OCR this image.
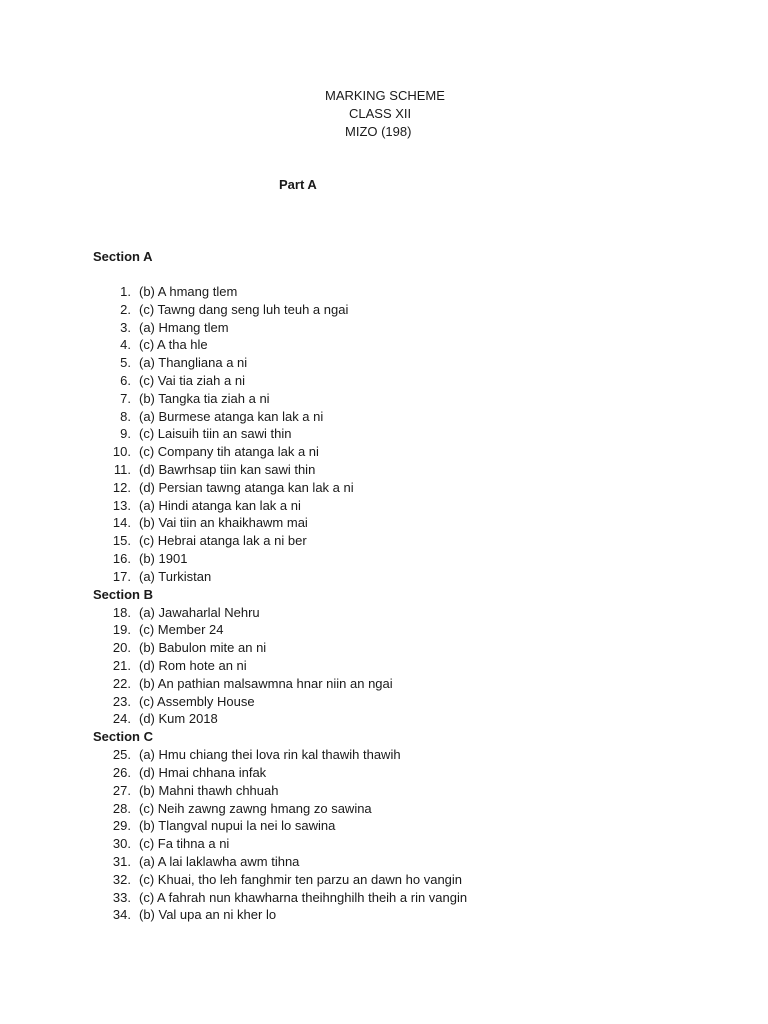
MARKING SCHEME
CLASS XII
MIZO (198)
Part A
Section A
1. (b) A hmang tlem
2. (c) Tawng dang seng luh teuh a ngai
3. (a) Hmang tlem
4. (c) A tha hle
5. (a) Thangliana a ni
6. (c) Vai tia ziah a ni
7. (b) Tangka tia ziah a ni
8. (a) Burmese atanga kan lak a ni
9. (c) Laisuih tiin an sawi thin
10. (c) Company tih atanga lak a ni
11. (d) Bawrhsap tiin kan sawi thin
12. (d) Persian tawng atanga kan lak a ni
13. (a) Hindi atanga kan lak a ni
14. (b) Vai tiin an khaikhawm mai
15. (c) Hebrai atanga lak a ni ber
16. (b) 1901
17. (a) Turkistan
Section B
18. (a) Jawaharlal Nehru
19. (c) Member 24
20. (b) Babulon mite an ni
21. (d) Rom hote an ni
22. (b) An pathian malsawmna hnar niin an ngai
23. (c) Assembly House
24. (d) Kum 2018
Section C
25. (a) Hmu chiang thei lova rin kal thawih thawih
26. (d) Hmai chhana infak
27. (b) Mahni thawh chhuah
28. (c) Neih zawng zawng hmang zo sawina
29. (b) Tlangval nupui la nei lo sawina
30. (c) Fa tihna a ni
31. (a) A lai laklawha awm tihna
32. (c) Khuai, tho leh fanghmir ten parzu an dawn ho vangin
33. (c) A fahrah nun khawharna theihnghilh theih a rin vangin
34. (b) Val upa an ni kher lo
